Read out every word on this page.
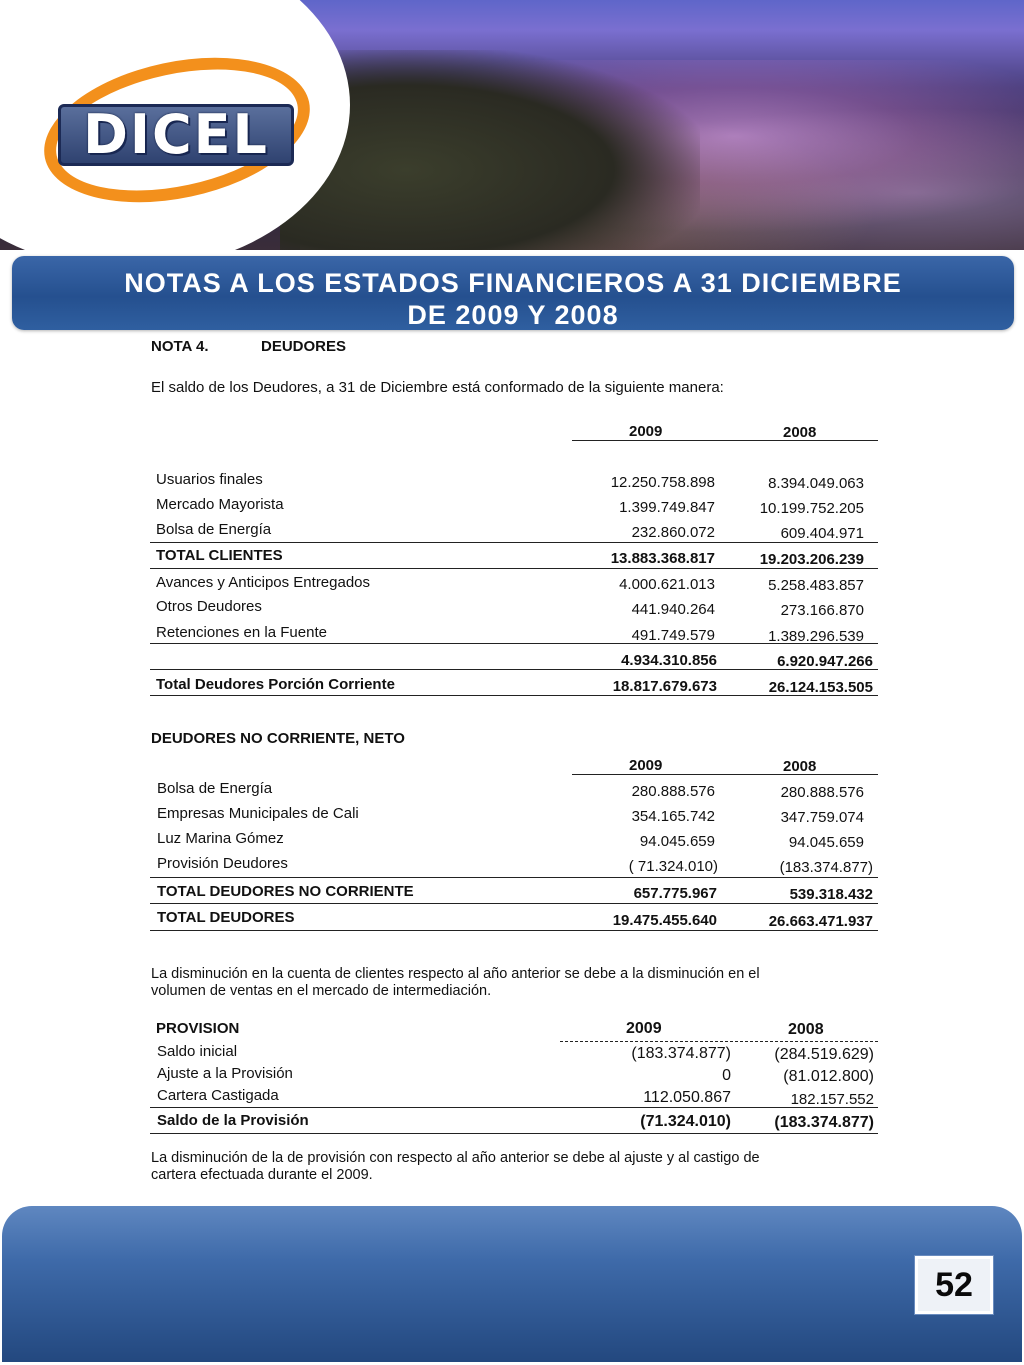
DICEL
NOTAS A LOS ESTADOS FINANCIEROS A 31 DICIEMBRE
DE 2009 Y 2008
NOTA 4.	DEUDORES
El saldo de los Deudores, a 31 de Diciembre está conformado de la siguiente manera:
2009	2008
Usuarios finales	12.250.758.898	8.394.049.063
Mercado Mayorista	1.399.749.847	10.199.752.205
Bolsa de Energía	232.860.072	609.404.971
TOTAL CLIENTES	13.883.368.817	19.203.206.239
Avances y Anticipos Entregados	4.000.621.013	5.258.483.857
Otros Deudores	441.940.264	273.166.870
Retenciones en la Fuente	491.749.579	1.389.296.539
4.934.310.856	6.920.947.266
Total Deudores Porción Corriente	18.817.679.673	26.124.153.505
DEUDORES NO CORRIENTE, NETO
2009	2008
Bolsa de Energía	280.888.576	280.888.576
Empresas Municipales de Cali	354.165.742	347.759.074
Luz Marina Gómez	94.045.659	94.045.659
Provisión Deudores	( 71.324.010)	(183.374.877)
TOTAL DEUDORES NO CORRIENTE	657.775.967	539.318.432
TOTAL DEUDORES	19.475.455.640	26.663.471.937
La disminución en la cuenta de clientes respecto al año anterior se debe a la disminución en el
volumen de ventas en el mercado de intermediación.
PROVISION	2009	2008
Saldo inicial	(183.374.877)	(284.519.629)
Ajuste a la Provisión	0	(81.012.800)
Cartera Castigada	112.050.867	182.157.552
Saldo de la Provisión	(71.324.010)	(183.374.877)
La disminución de la de provisión con respecto al año anterior se debe al ajuste y al castigo de
cartera efectuada durante el 2009.
52
